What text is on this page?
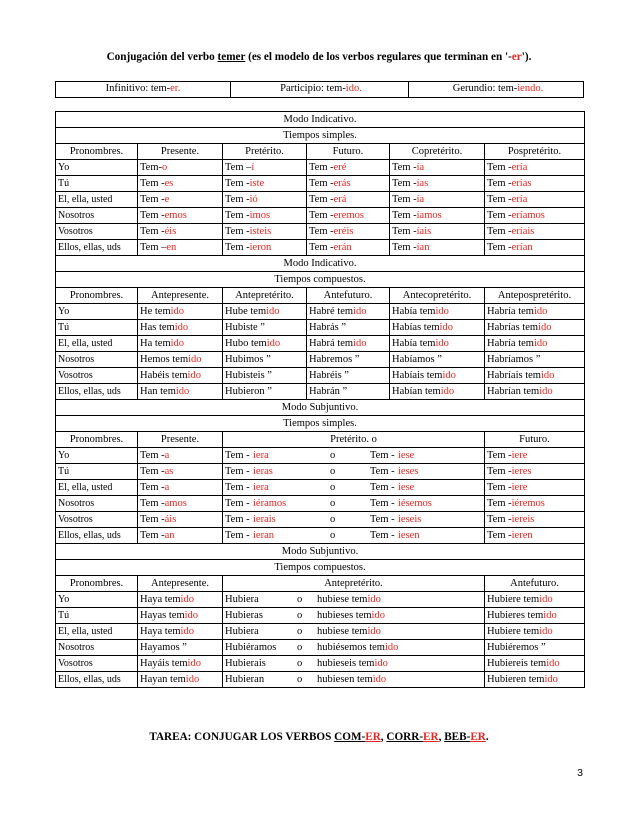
Conjugación del verbo temer (es el modelo de los verbos regulares que terminan en '-er').
Infinitivo: tem-er.	Participio: tem-ido.	Gerundio: tem-iendo.
Modo Indicativo.					
Tiempos simples.					
Pronombres.	Presente.	Pretérito.	Futuro.	Copretérito.	Pospretérito.
Yo	Tem-o	Tem –í	Tem -eré	Tem -ía	Tem -ería
Tú	Tem -es	Tem -iste	Tem -erás	Tem -ías	Tem -erías
El, ella, usted	Tem -e	Tem -ió	Tem -erá	Tem -ía	Tem -ería
Nosotros	Tem -emos	Tem -imos	Tem -eremos	Tem -íamos	Tem -eríamos
Vosotros	Tem -éis	Tem -isteis	Tem -eréis	Tem -íais	Tem -eríais
Ellos, ellas, uds	Tem –en	Tem -ieron	Tem -erán	Tem -ían	Tem -erían
Modo Indicativo.					
Tiempos compuestos.					
Pronombres.	Antepresente.	Antepretérito.	Antefuturo.	Antecopretérito.	Antepospretérito.
Yo	He temido	Hube temido	Habré temido	Había temido	Habría temido
Tú	Has temido	Hubiste ”	Habrás ”	Habías temido	Habrías temido
El, ella, usted	Ha temido	Hubo temido	Habrá temido	Había temido	Habría temido
Nosotros	Hemos temido	Hubimos ”	Habremos ”	Habíamos ”	Habríamos ”
Vosotros	Habéis temido	Hubisteis ”	Habréis ”	Habíais temido	Habríais temido
Ellos, ellas, uds	Han temido	Hubieron ”	Habrán ”	Habían temido	Habrían temido
Modo Subjuntivo.					
Tiempos simples.					
Pronombres.	Presente.	Pretérito. o			Futuro.
Yo	Tem -a	Tem - iera o Tem - iese			Tem -iere
Tú	Tem -as	Tem - ieras o Tem - ieses			Tem -ieres
El, ella, usted	Tem -a	Tem - iera o Tem - iese			Tem -iere
Nosotros	Tem -amos	Tem - iéramos o Tem - iésemos			Tem -iéremos
Vosotros	Tem -áis	Tem - ierais o Tem - ieseis			Tem -iereis
Ellos, ellas, uds	Tem -an	Tem - ieran o Tem - iesen			Tem -ieren
Modo Subjuntivo.					
Tiempos compuestos.					
Pronombres.	Antepresente.	Antepretérito.			Antefuturo.
Yo	Haya temido	Hubiera o hubiese temido			Hubiere temido
Tú	Hayas temido	Hubieras o hubieses temido			Hubieres temido
El, ella, usted	Haya temido	Hubiera o hubiese temido			Hubiere temido
Nosotros	Hayamos ”	Hubiéramos o hubiésemos temido			Hubiéremos ”
Vosotros	Hayáis temido	Hubierais o hubieseis temido			Hubiereis temido
Ellos, ellas, uds	Hayan temido	Hubieran o hubiesen temido			Hubieren temido
TAREA: CONJUGAR LOS VERBOS COM-ER, CORR-ER, BEB-ER.
3
